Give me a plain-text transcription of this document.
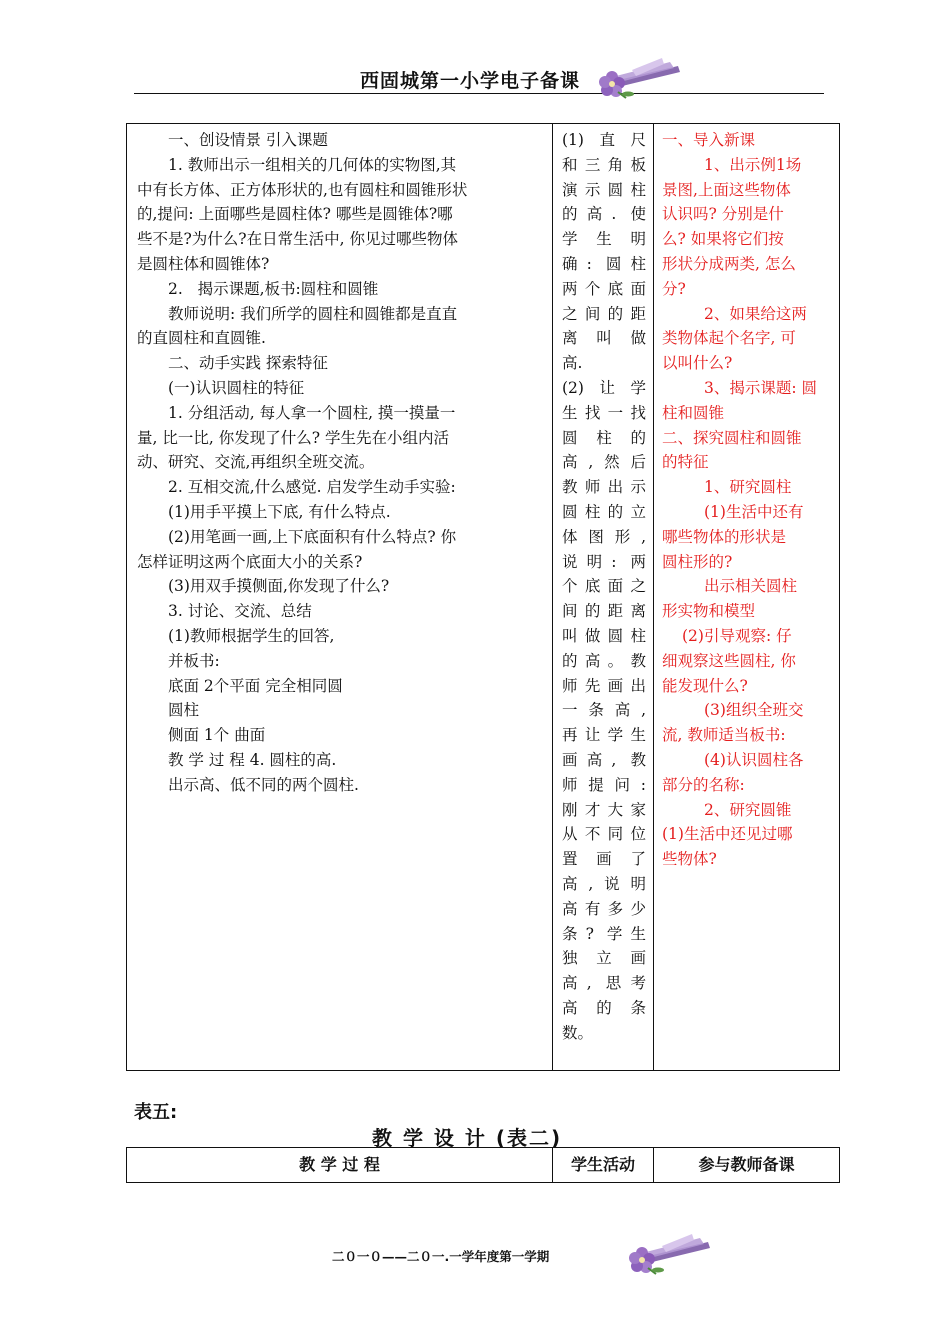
西固城第一小学电子备课
一、创设情景 引入课题
1. 教师出示一组相关的几何体的实物图,其
中有长方体、正方体形状的,也有圆柱和圆锥形状
的,提问: 上面哪些是圆柱体? 哪些是圆锥体?哪
些不是?为什么?在日常生活中, 你见过哪些物体
是圆柱体和圆锥体?
2.   揭示课题,板书:圆柱和圆锥
教师说明: 我们所学的圆柱和圆锥都是直直
的直圆柱和直圆锥.
二、动手实践 探索特征
(一)认识圆柱的特征
1. 分组活动, 每人拿一个圆柱, 摸一摸量一
量, 比一比, 你发现了什么? 学生先在小组内活
动、研究、交流,再组织全班交流。
2. 互相交流,什么感觉. 启发学生动手实验:
(1)用手平摸上下底, 有什么特点.
(2)用笔画一画,上下底面积有什么特点? 你
怎样证明这两个底面大小的关系?
(3)用双手摸侧面,你发现了什么?
3. 讨论、交流、总结
(1)教师根据学生的回答,
并板书:
底面 2个平面 完全相同圆
圆柱
侧面 1个 曲面
教 学 过 程 4. 圆柱的高.
出示高、低不同的两个圆柱.
(1)直尺
和三角板
演示圆柱
的高. 使
学生明
确: 圆柱
两个底面
之间的距
离叫做
高.
(2)让学
生找一找
圆柱的
高,然后
教师出示
圆柱的立
体图形,
说明: 两
个底面之
间的距离
叫做圆柱
的高。教
师先画出
一条高,
再让学生
画高, 教
师提问:
刚才大家
从不同位
置画了
高,说明
高有多少
条? 学生
独立画
高, 思考
高的条
数。
一、导入新课
1、出示例1场
景图,上面这些物体
认识吗? 分别是什
么? 如果将它们按
形状分成两类, 怎么
分?
2、如果给这两
类物体起个名字, 可
以叫什么?
3、揭示课题: 圆
柱和圆锥
二、探究圆柱和圆锥
的特征
1、研究圆柱
(1)生活中还有
哪些物体的形状是
圆柱形的?
出示相关圆柱
形实物和模型
(2)引导观察: 仔
细观察这些圆柱, 你
能发现什么?
(3)组织全班交
流, 教师适当板书:
(4)认识圆柱各
部分的名称:
2、研究圆锥
(1)生活中还见过哪
些物体?
表五:
教 学 设 计 (表二)
教 学 过 程	学生活动	参与教师备课
二０一０——二０一.一学年度第一学期
